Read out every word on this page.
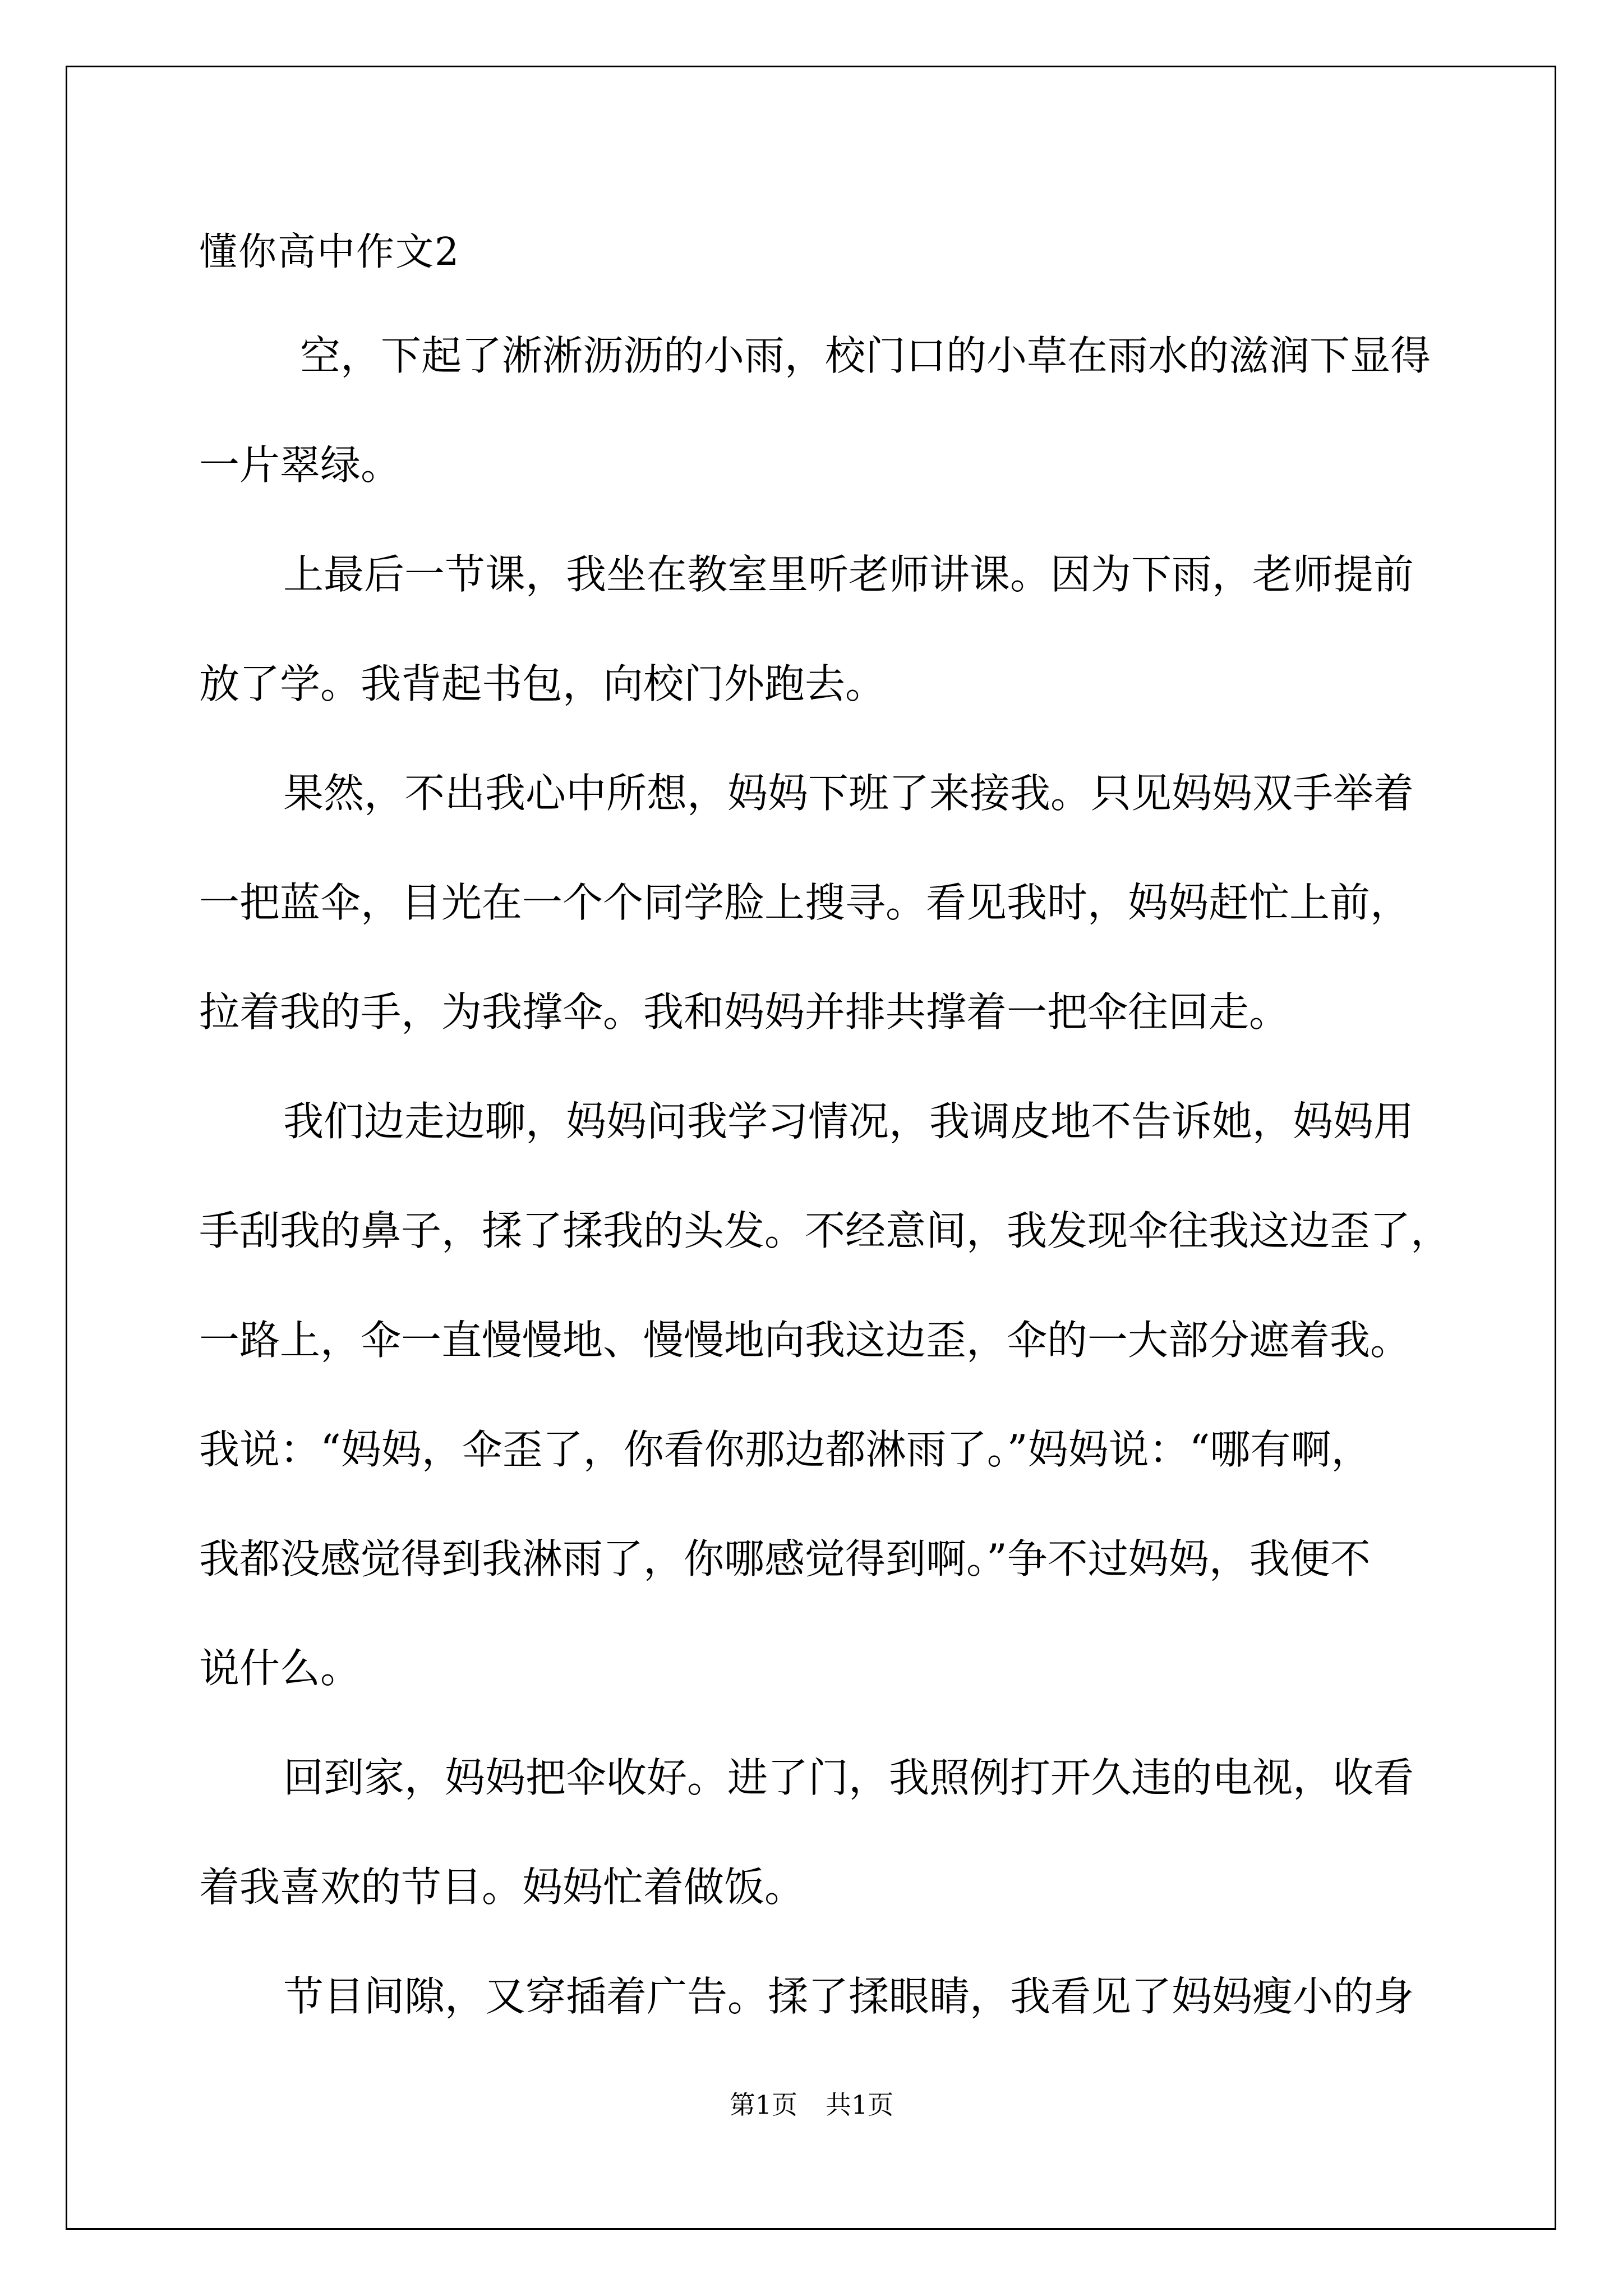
懂你高中作文2
空，下起了淅淅沥沥的小雨，校门口的小草在雨水的滋润下显得
一片翠绿。
上最后一节课，我坐在教室里听老师讲课。因为下雨，老师提前
放了学。我背起书包，向校门外跑去。
果然，不出我心中所想，妈妈下班了来接我。只见妈妈双手举着
一把蓝伞，目光在一个个同学脸上搜寻。看见我时，妈妈赶忙上前，
拉着我的手，为我撑伞。我和妈妈并排共撑着一把伞往回走。
我们边走边聊，妈妈问我学习情况，我调皮地不告诉她，妈妈用
手刮我的鼻子，揉了揉我的头发。不经意间，我发现伞往我这边歪了，
一路上，伞一直慢慢地、慢慢地向我这边歪，伞的一大部分遮着我。
我说：“妈妈，伞歪了，你看你那边都淋雨了。”妈妈说：“哪有啊，
我都没感觉得到我淋雨了，你哪感觉得到啊。”争不过妈妈，我便不
说什么。
回到家，妈妈把伞收好。进了门，我照例打开久违的电视，收看
着我喜欢的节目。妈妈忙着做饭。
节目间隙，又穿插着广告。揉了揉眼睛，我看见了妈妈瘦小的身
第1页 共1页
